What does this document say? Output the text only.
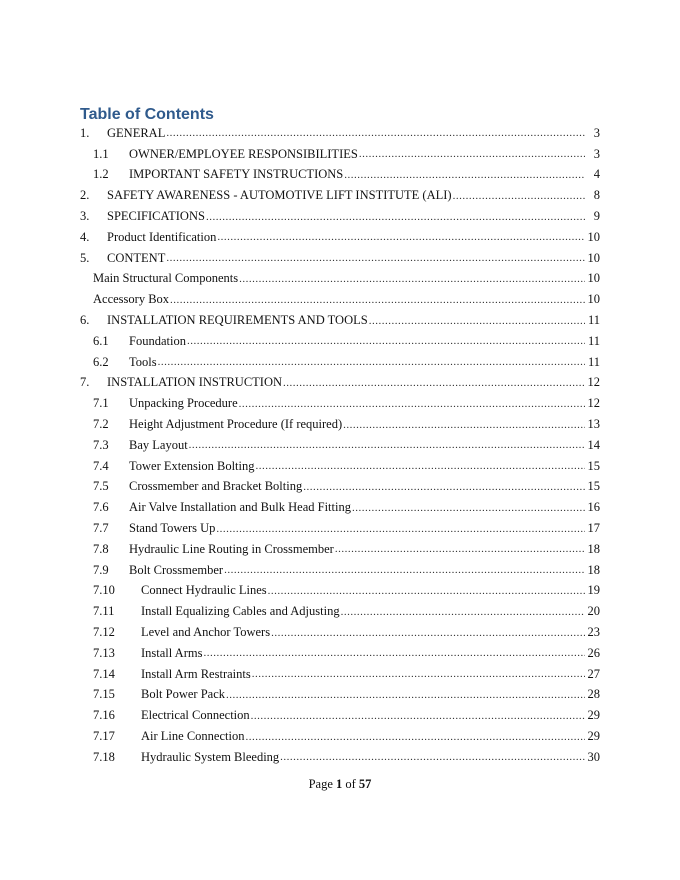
Table of Contents
1.	GENERAL .....	3
1.1	OWNER/EMPLOYEE RESPONSIBILITIES .....	3
1.2	IMPORTANT SAFETY INSTRUCTIONS .....	4
2.	SAFETY AWARENESS - AUTOMOTIVE LIFT INSTITUTE (ALI) .....	8
3.	SPECIFICATIONS .....	9
4.	Product Identification .....	10
5.	CONTENT .....	10
Main Structural Components .....	10
Accessory Box .....	10
6.	INSTALLATION REQUIREMENTS AND TOOLS .....	11
6.1	Foundation .....	11
6.2	Tools .....	11
7.	INSTALLATION INSTRUCTION .....	12
7.1	Unpacking Procedure .....	12
7.2	Height Adjustment Procedure (If required) .....	13
7.3	Bay Layout .....	14
7.4	Tower Extension Bolting .....	15
7.5	Crossmember and Bracket Bolting .....	15
7.6	Air Valve Installation and Bulk Head Fitting .....	16
7.7	Stand Towers Up .....	17
7.8	Hydraulic Line Routing in Crossmember .....	18
7.9	Bolt Crossmember .....	18
7.10	Connect Hydraulic Lines .....	19
7.11	Install Equalizing Cables and Adjusting .....	20
7.12	Level and Anchor Towers .....	23
7.13	Install Arms .....	26
7.14	Install Arm Restraints .....	27
7.15	Bolt Power Pack .....	28
7.16	Electrical Connection .....	29
7.17	Air Line Connection .....	29
7.18	Hydraulic System Bleeding .....	30
Page 1 of 57
